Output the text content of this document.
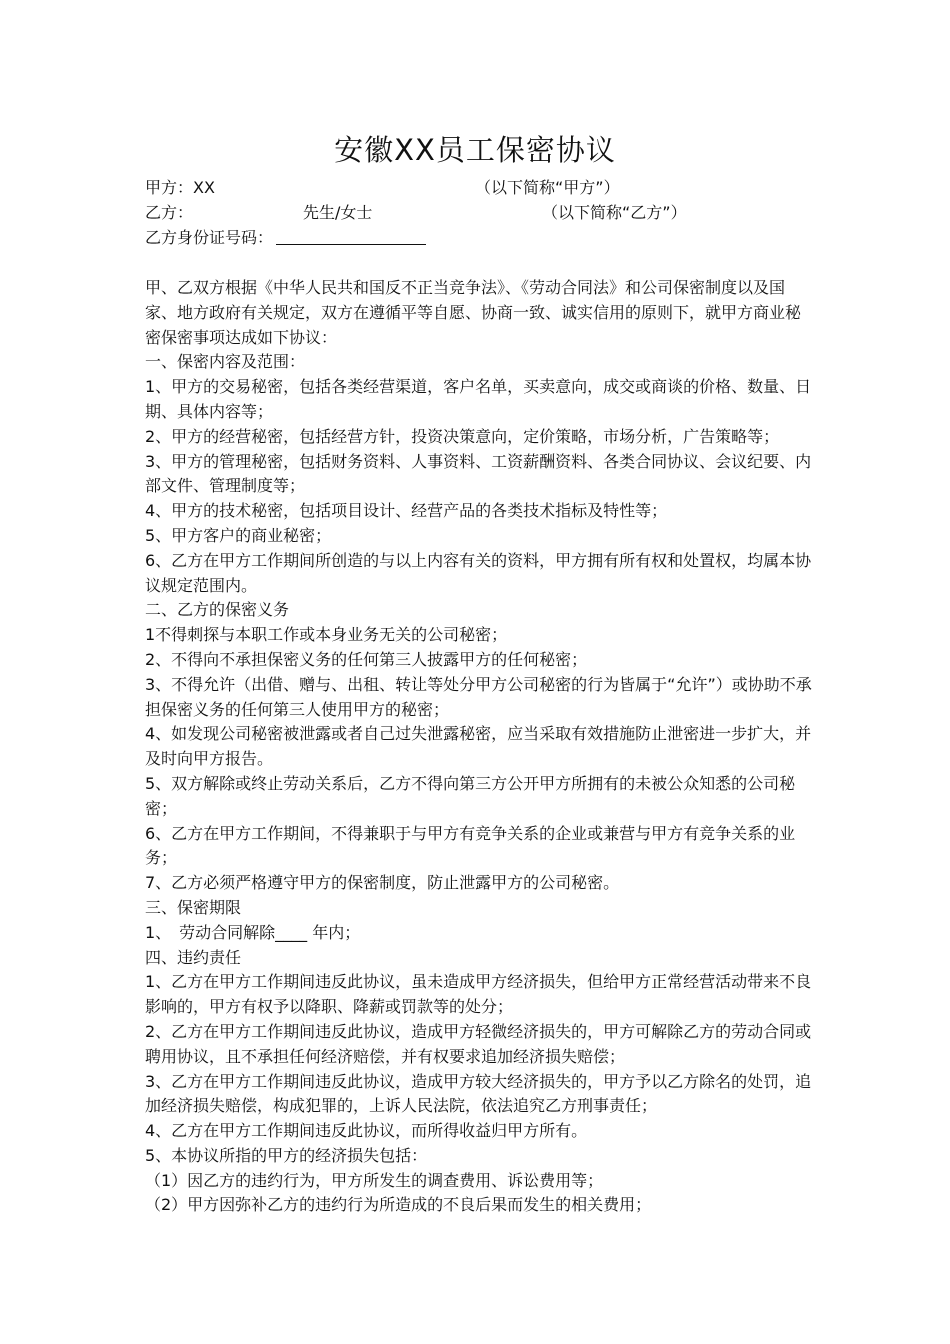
安徽XX员工保密协议
甲方：XX	（以下简称“甲方”）
乙方：	先生/女士	（以下简称“乙方”）
乙方身份证号码：

甲、乙双方根据《中华人民共和国反不正当竞争法》、《劳动合同法》和公司保密制度以及国家、地方政府有关规定，双方在遵循平等自愿、协商一致、诚实信用的原则下，就甲方商业秘密保密事项达成如下协议：

一、保密内容及范围：

1、甲方的交易秘密，包括各类经营渠道，客户名单，买卖意向，成交或商谈的价格、数量、日期、具体内容等；

2、甲方的经营秘密，包括经营方针，投资决策意向，定价策略，市场分析，广告策略等；

3、甲方的管理秘密，包括财务资料、人事资料、工资薪酬资料、各类合同协议、会议纪要、内部文件、管理制度等；

4、甲方的技术秘密，包括项目设计、经营产品的各类技术指标及特性等；

5、甲方客户的商业秘密；

6、乙方在甲方工作期间所创造的与以上内容有关的资料，甲方拥有所有权和处置权，均属本协议规定范围内。

二、乙方的保密义务

1不得刺探与本职工作或本身业务无关的公司秘密；

2、不得向不承担保密义务的任何第三人披露甲方的任何秘密；

3、不得允许（出借、赠与、出租、转让等处分甲方公司秘密的行为皆属于“允许”）或协助不承担保密义务的任何第三人使用甲方的秘密；

4、如发现公司秘密被泄露或者自己过失泄露秘密，应当采取有效措施防止泄密进一步扩大，并及时向甲方报告。

5、双方解除或终止劳动关系后，乙方不得向第三方公开甲方所拥有的未被公众知悉的公司秘密；

6、乙方在甲方工作期间，不得兼职于与甲方有竞争关系的企业或兼营与甲方有竞争关系的业务；

7、乙方必须严格遵守甲方的保密制度，防止泄露甲方的公司秘密。

三、保密期限

1、　劳动合同解除____ 年内；

四、违约责任

1、乙方在甲方工作期间违反此协议，虽未造成甲方经济损失，但给甲方正常经营活动带来不良影响的，甲方有权予以降职、降薪或罚款等的处分；

2、乙方在甲方工作期间违反此协议，造成甲方轻微经济损失的，甲方可解除乙方的劳动合同或聘用协议，且不承担任何经济赔偿，并有权要求追加经济损失赔偿；

3、乙方在甲方工作期间违反此协议，造成甲方较大经济损失的，甲方予以乙方除名的处罚，追加经济损失赔偿，构成犯罪的，上诉人民法院，依法追究乙方刑事责任；

4、乙方在甲方工作期间违反此协议，而所得收益归甲方所有。

5、本协议所指的甲方的经济损失包括：

（1）因乙方的违约行为，甲方所发生的调查费用、诉讼费用等；

（2）甲方因弥补乙方的违约行为所造成的不良后果而发生的相关费用；
